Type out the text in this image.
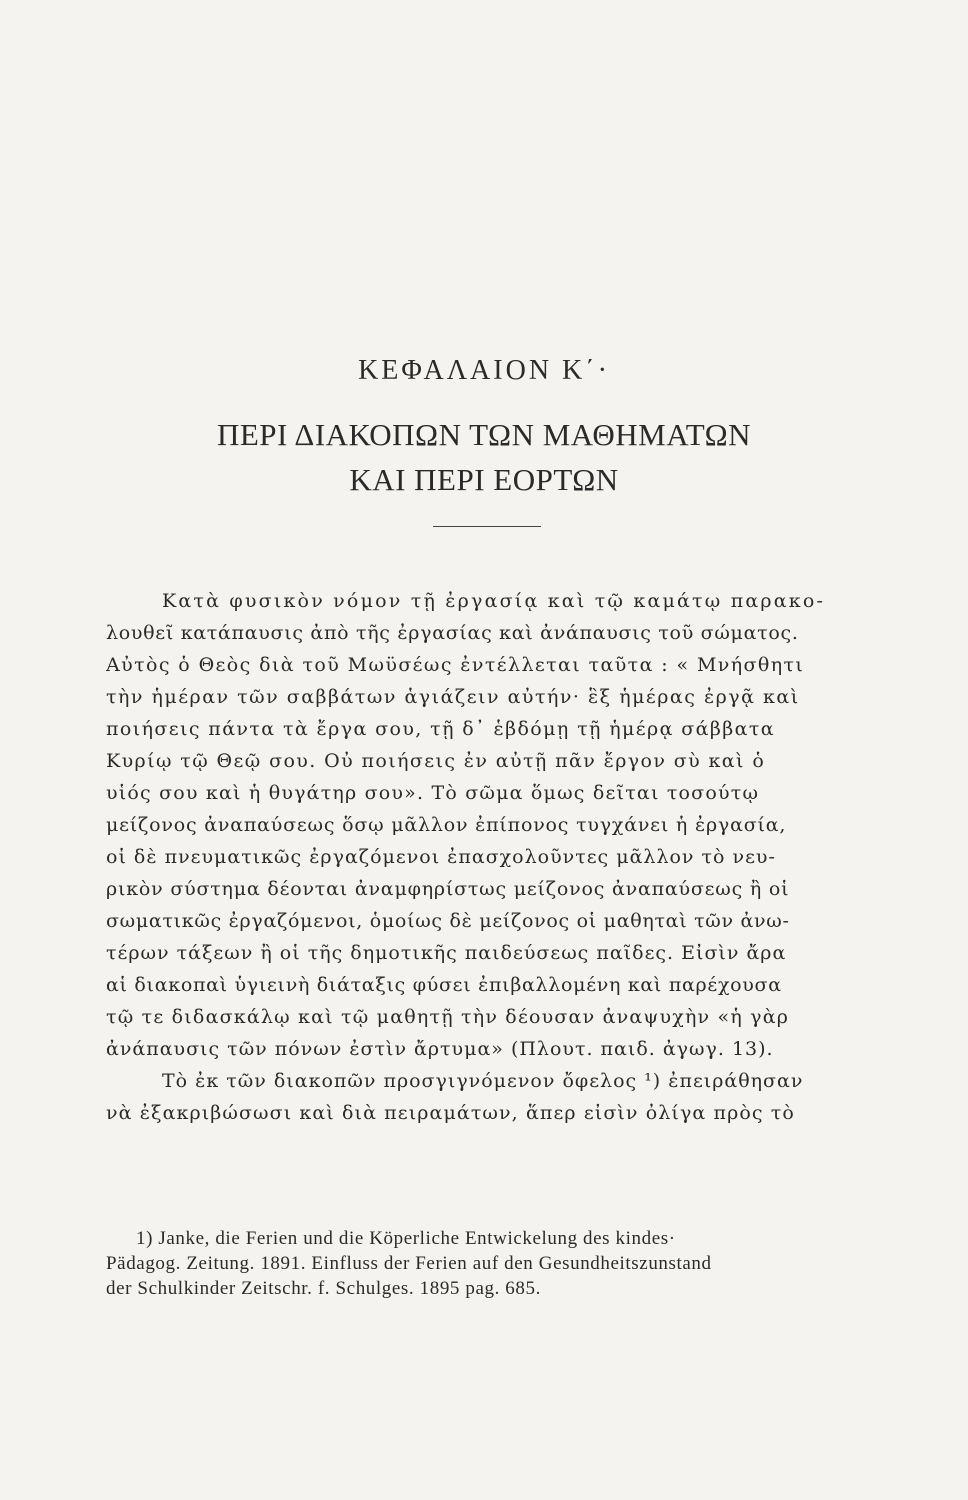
ΚΕΦΑΛΑΙΟΝ Κ΄·
ΠΕΡΙ ΔΙΑΚΟΠΩΝ ΤΩΝ ΜΑΘΗΜΑΤΩΝ
ΚΑΙ ΠΕΡΙ ΕΟΡΤΩΝ
Κατὰ φυσικὸν νόμον τῇ ἐργασίᾳ καὶ τῷ καμάτῳ παρακο-
λουθεῖ κατάπαυσις ἀπὸ τῆς ἐργασίας καὶ ἀνάπαυσις τοῦ σώματος.
Αὐτὸς ὁ Θεὸς διὰ τοῦ Μωϋσέως ἐντέλλεται ταῦτα : « Μνήσθητι
τὴν ἡμέραν τῶν σαββάτων ἁγιάζειν αὐτήν· ἓξ ἡμέρας ἐργᾷ καὶ
ποιήσεις πάντα τὰ ἔργα σου, τῇ δ᾽ ἑβδόμῃ τῇ ἡμέρᾳ σάββατα
Κυρίῳ τῷ Θεῷ σου. Οὐ ποιήσεις ἐν αὐτῇ πᾶν ἔργον σὺ καὶ ὁ
υἱός σου καὶ ἡ θυγάτηρ σου». Τὸ σῶμα ὅμως δεῖται τοσούτῳ
μείζονος ἀναπαύσεως ὅσῳ μᾶλλον ἐπίπονος τυγχάνει ἡ ἐργασία,
οἱ δὲ πνευματικῶς ἐργαζόμενοι ἐπασχολοῦντες μᾶλλον τὸ νευ-
ρικὸν σύστημα δέονται ἀναμφηρίστως μείζονος ἀναπαύσεως ἢ οἱ
σωματικῶς ἐργαζόμενοι, ὁμοίως δὲ μείζονος οἱ μαθηταὶ τῶν ἀνω-
τέρων τάξεων ἢ οἱ τῆς δημοτικῆς παιδεύσεως παῖδες. Εἰσὶν ἄρα
αἱ διακοπαὶ ὑγιεινὴ διάταξις φύσει ἐπιβαλλομένη καὶ παρέχουσα
τῷ τε διδασκάλῳ καὶ τῷ μαθητῇ τὴν δέουσαν ἀναψυχὴν «ἡ γὰρ
ἀνάπαυσις τῶν πόνων ἐστὶν ἄρτυμα» (Πλουτ. παιδ. ἀγωγ. 13).
Τὸ ἐκ τῶν διακοπῶν προσγιγνόμενον ὄφελος ¹) ἐπειράθησαν
νὰ ἐξακριβώσωσι καὶ διὰ πειραμάτων, ἅπερ εἰσὶν ὀλίγα πρὸς τὸ
1) Janke, die Ferien und die Köperliche Entwickelung des kindes·
Pädagog. Zeitung. 1891. Einfluss der Ferien auf den Gesundheitszunstand
der Schulkinder Zeitschr. f. Schulges. 1895 pag. 685.
